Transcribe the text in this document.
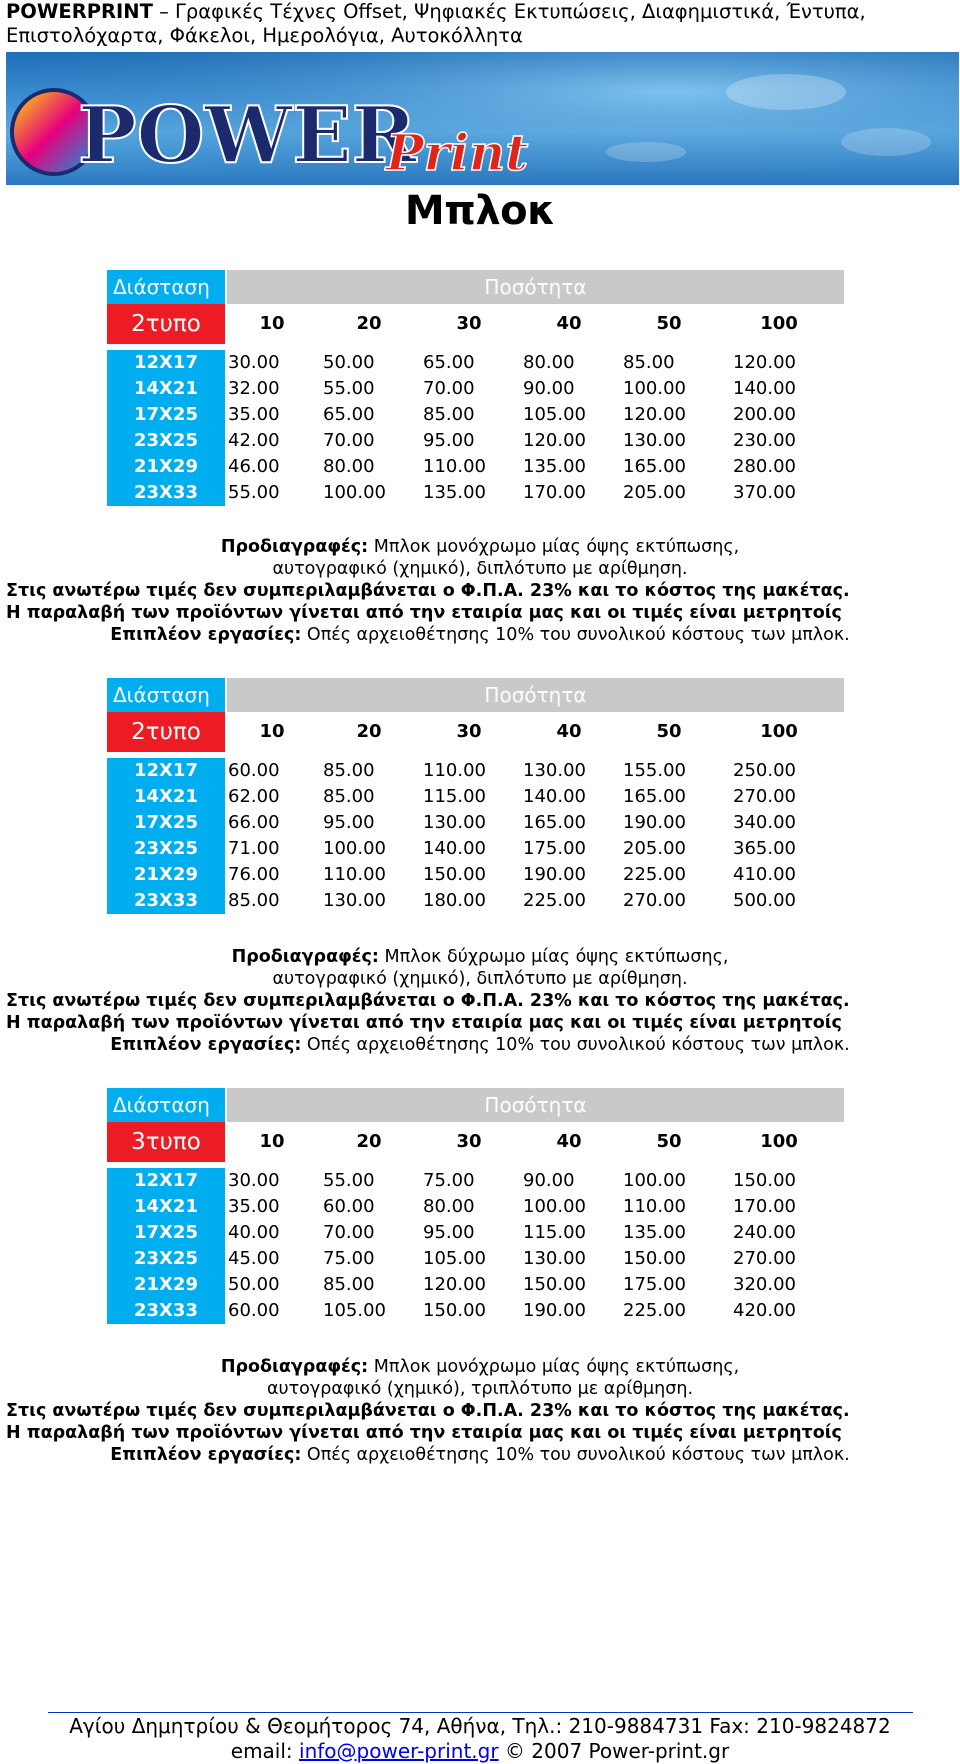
POWERPRINT – Γραφικές Τέχνες Offset, Ψηφιακές Εκτυπώσεις, Διαφημιστικά, Έντυπα,
Επιστολόχαρτα, Φάκελοι, Ημερολόγια, Αυτοκόλλητα
POWER
Print
Μπλοκ
Διάσταση	Ποσότητα
2τυπο	10	20	30	40	50	100
12Χ17	30.00	50.00	65.00	80.00	85.00	120.00
14Χ21	32.00	55.00	70.00	90.00	100.00	140.00
17Χ25	35.00	65.00	85.00	105.00	120.00	200.00
23Χ25	42.00	70.00	95.00	120.00	130.00	230.00
21Χ29	46.00	80.00	110.00	135.00	165.00	280.00
23Χ33	55.00	100.00	135.00	170.00	205.00	370.00
Προδιαγραφές: Μπλοκ μονόχρωμο μίας όψης εκτύπωσης,
αυτογραφικό (χημικό), διπλότυπο με αρίθμηση.
Στις ανωτέρω τιμές δεν συμπεριλαμβάνεται ο Φ.Π.Α. 23% και το κόστος της μακέτας.
Η παραλαβή των προϊόντων γίνεται από την εταιρία μας και οι τιμές είναι μετρητοίς
Επιπλέον εργασίες: Οπές αρχειοθέτησης 10% του συνολικού κόστους των μπλοκ.
Διάσταση	Ποσότητα
2τυπο	10	20	30	40	50	100
12Χ17	60.00	85.00	110.00	130.00	155.00	250.00
14Χ21	62.00	85.00	115.00	140.00	165.00	270.00
17Χ25	66.00	95.00	130.00	165.00	190.00	340.00
23Χ25	71.00	100.00	140.00	175.00	205.00	365.00
21Χ29	76.00	110.00	150.00	190.00	225.00	410.00
23Χ33	85.00	130.00	180.00	225.00	270.00	500.00
Προδιαγραφές: Μπλοκ δύχρωμο μίας όψης εκτύπωσης,
αυτογραφικό (χημικό), διπλότυπο με αρίθμηση.
Στις ανωτέρω τιμές δεν συμπεριλαμβάνεται ο Φ.Π.Α. 23% και το κόστος της μακέτας.
Η παραλαβή των προϊόντων γίνεται από την εταιρία μας και οι τιμές είναι μετρητοίς
Επιπλέον εργασίες: Οπές αρχειοθέτησης 10% του συνολικού κόστους των μπλοκ.
Διάσταση	Ποσότητα
3τυπο	10	20	30	40	50	100
12Χ17	30.00	55.00	75.00	90.00	100.00	150.00
14Χ21	35.00	60.00	80.00	100.00	110.00	170.00
17Χ25	40.00	70.00	95.00	115.00	135.00	240.00
23Χ25	45.00	75.00	105.00	130.00	150.00	270.00
21Χ29	50.00	85.00	120.00	150.00	175.00	320.00
23Χ33	60.00	105.00	150.00	190.00	225.00	420.00
Προδιαγραφές: Μπλοκ μονόχρωμο μίας όψης εκτύπωσης,
αυτογραφικό (χημικό), τριπλότυπο με αρίθμηση.
Στις ανωτέρω τιμές δεν συμπεριλαμβάνεται ο Φ.Π.Α. 23% και το κόστος της μακέτας.
Η παραλαβή των προϊόντων γίνεται από την εταιρία μας και οι τιμές είναι μετρητοίς
Επιπλέον εργασίες: Οπές αρχειοθέτησης 10% του συνολικού κόστους των μπλοκ.
Αγίου Δημητρίου & Θεομήτορος 74, Αθήνα, Τηλ.: 210-9884731 Fax: 210-9824872
email: info@power-print.gr © 2007 Power-print.gr
